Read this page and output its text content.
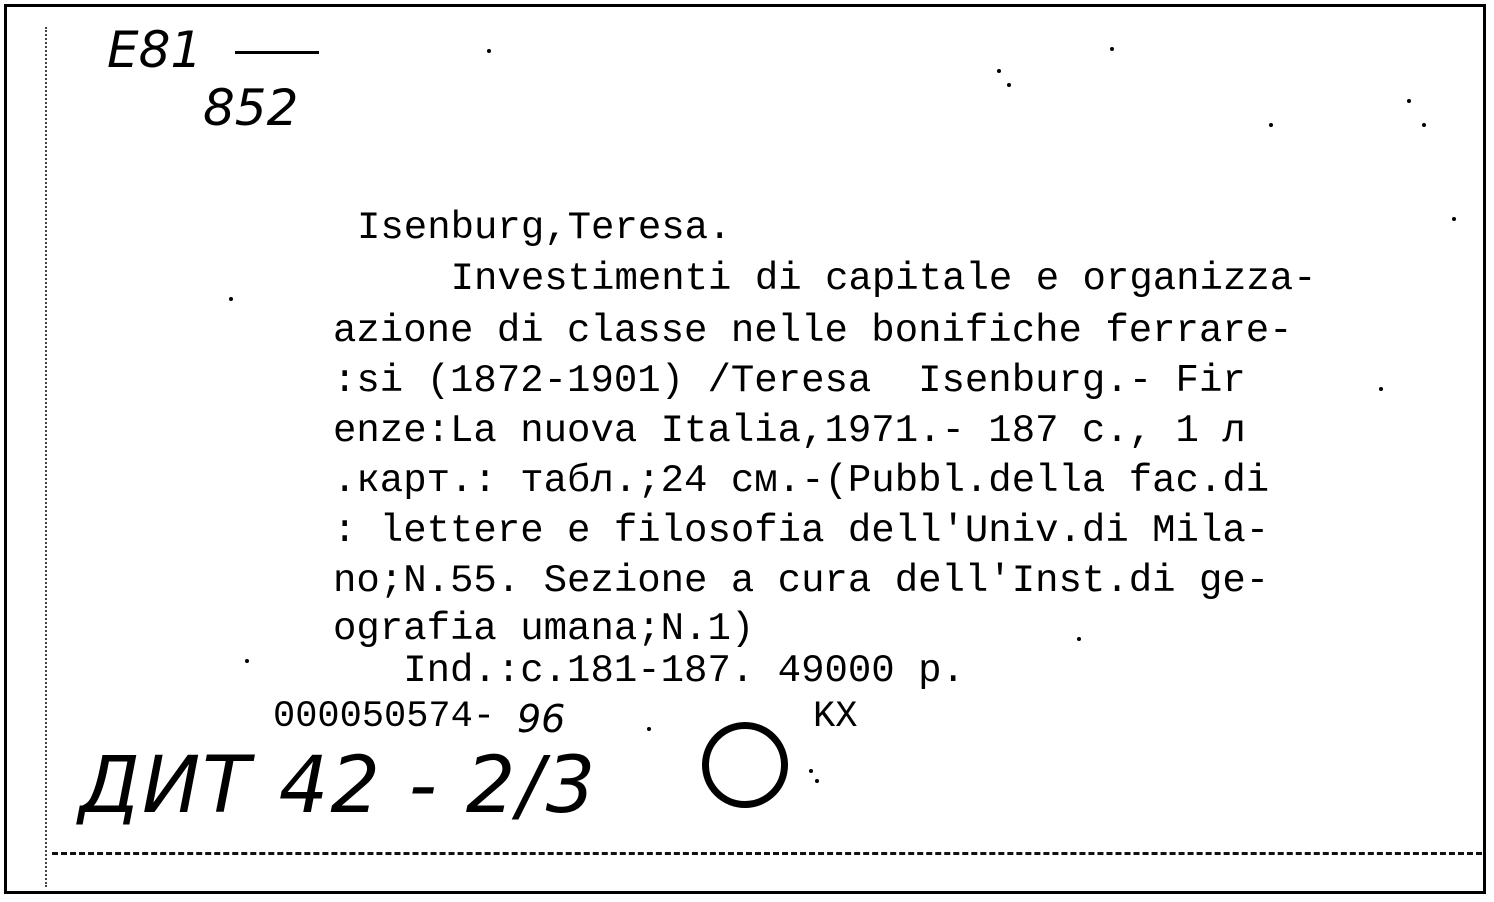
E81
852
Isenburg,Teresa.
Investimenti di capitale e organizzа-
azione di classe nelle bonifiche ferrare-
:si (1872-1901) /Teresa  Isenburg.- Fir
enze:La nuova Italia,1971.- 187 c., 1 л
.карт.: табл.;24 см.-(Pubbl.della fac.di
: lettere e filosofia dell'Univ.di Mila-
no;N.55. Sezione a cura dell'Inst.di ge-
ografia umana;N.1)
Ind.:c.181-187. 49000 р.
000050574- 96	KX
ДИТ 42 - 2/3
